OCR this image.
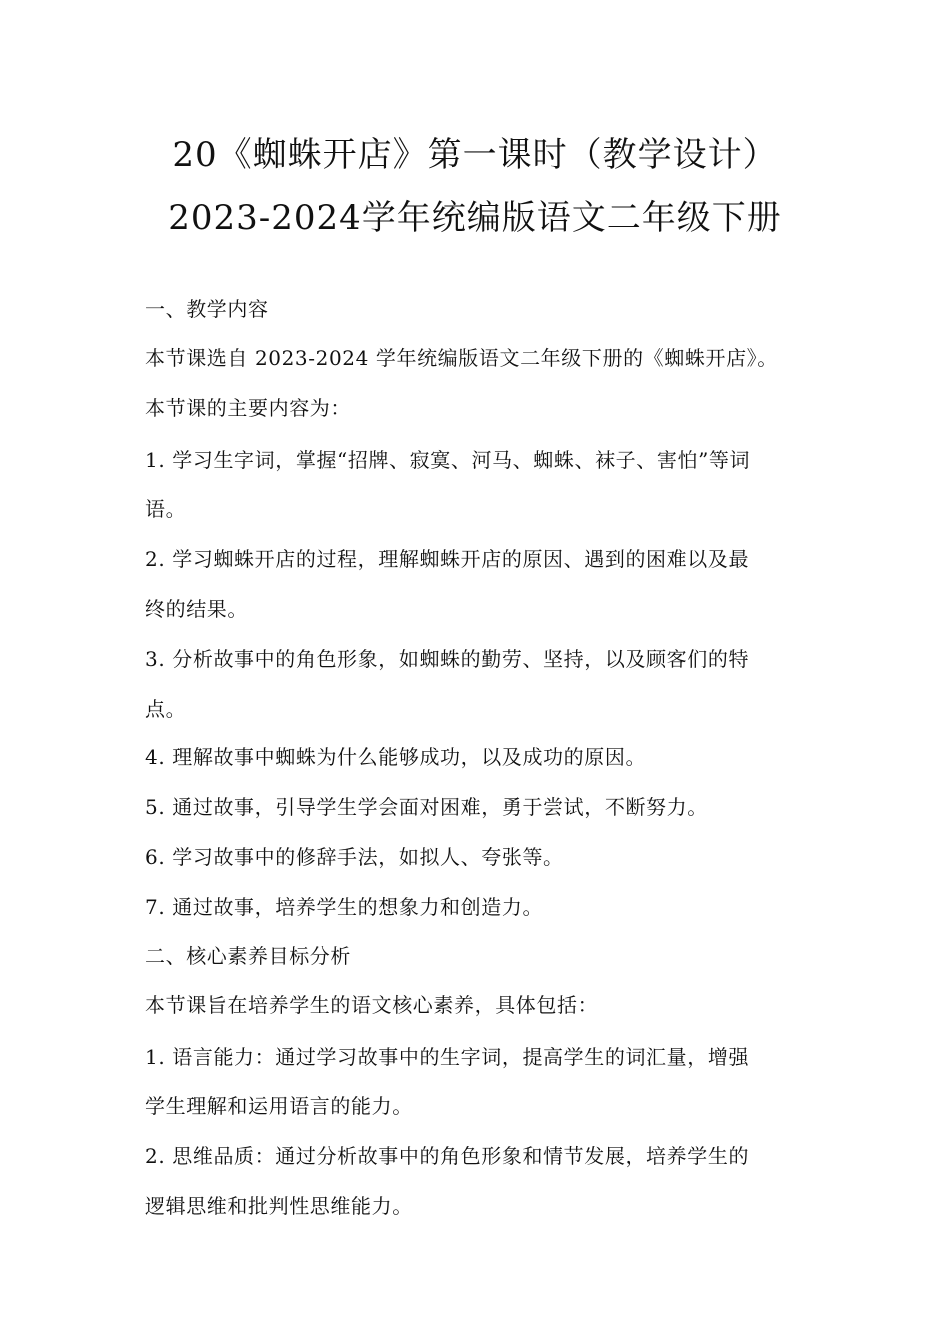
20《蜘蛛开店》第一课时（教学设计）
2023-2024学年统编版语文二年级下册
一、教学内容
本节课选自 2023-2024 学年统编版语文二年级下册的《蜘蛛开店》。
本节课的主要内容为：
1. 学习生字词，掌握“招牌、寂寞、河马、蜘蛛、袜子、害怕”等词
语。
2. 学习蜘蛛开店的过程，理解蜘蛛开店的原因、遇到的困难以及最
终的结果。
3. 分析故事中的角色形象，如蜘蛛的勤劳、坚持，以及顾客们的特
点。
4. 理解故事中蜘蛛为什么能够成功，以及成功的原因。
5. 通过故事，引导学生学会面对困难，勇于尝试，不断努力。
6. 学习故事中的修辞手法，如拟人、夸张等。
7. 通过故事，培养学生的想象力和创造力。
二、核心素养目标分析
本节课旨在培养学生的语文核心素养，具体包括：
1. 语言能力：通过学习故事中的生字词，提高学生的词汇量，增强
学生理解和运用语言的能力。
2. 思维品质：通过分析故事中的角色形象和情节发展，培养学生的
逻辑思维和批判性思维能力。
